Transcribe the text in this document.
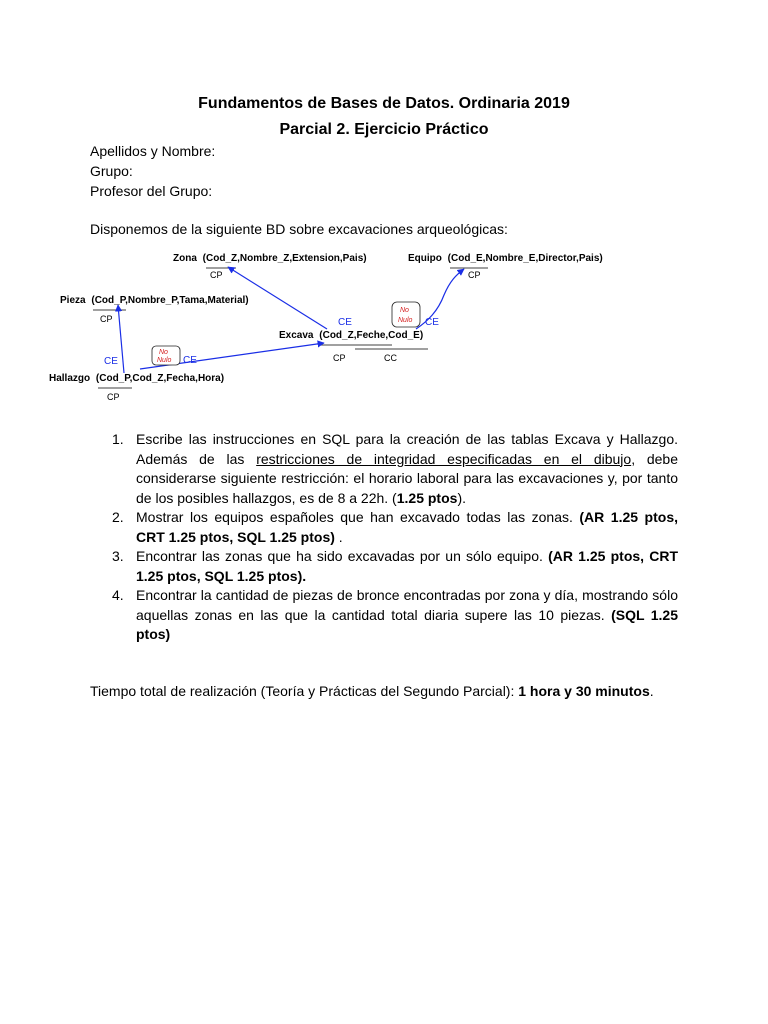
Fundamentos de Bases de Datos. Ordinaria 2019
Parcial 2. Ejercicio Práctico
Apellidos y Nombre:
Grupo:
Profesor del Grupo:
Disponemos de la siguiente BD sobre excavaciones arqueológicas:
Zona (Cod_Z,Nombre_Z,Extension,Pais)
CP
Equipo (Cod_E,Nombre_E,Director,Pais)
CP
Pieza (Cod_P,Nombre_P,Tama,Material)
CP
Excava (Cod_Z,Feche,Cod_E)
CP	CC
Hallazgo (Cod_P,Cod_Z,Fecha,Hora)
CP
CE	CE
No
Nulo
CE
No
Nulo
CE
1. Escribe las instrucciones en SQL para la creación de las tablas Excava y Hallazgo. Además de las restricciones de integridad especificadas en el dibujo, debe considerarse siguiente restricción: el horario laboral para las excavaciones y, por tanto de los posibles hallazgos, es de 8 a 22h. (1.25 ptos).
2. Mostrar los equipos españoles que han excavado todas las zonas. (AR 1.25 ptos, CRT 1.25 ptos, SQL 1.25 ptos) .
3. Encontrar las zonas que ha sido excavadas por un sólo equipo. (AR 1.25 ptos, CRT 1.25 ptos, SQL 1.25 ptos).
4. Encontrar la cantidad de piezas de bronce encontradas por zona y día, mostrando sólo aquellas zonas en las que la cantidad total diaria supere las 10 piezas. (SQL 1.25 ptos)
Tiempo total de realización (Teoría y Prácticas del Segundo Parcial): 1 hora y 30 minutos.
